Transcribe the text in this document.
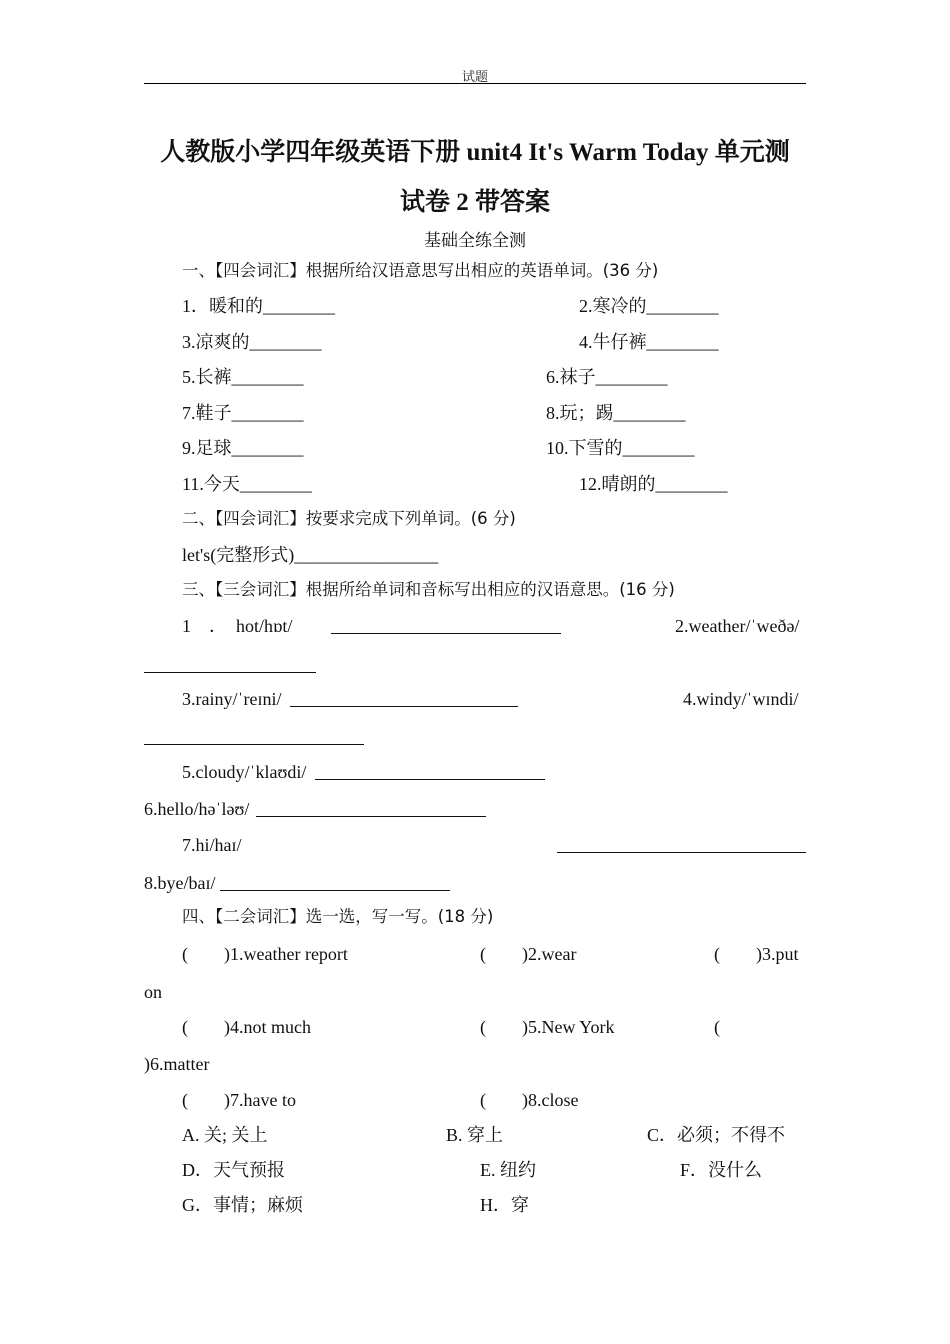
试题
人教版小学四年级英语下册 unit4 It's Warm Today 单元测
试卷 2 带答案
基础全练全测
一、【四会词汇】根据所给汉语意思写出相应的英语单词。(36 分)
1．暖和的________	2.寒冷的________
3.凉爽的________	4.牛仔裤________
5.长裤________	6.袜子________
7.鞋子________	8.玩；踢________
9.足球________	10.下雪的________
11.今天________	12.晴朗的________
二、【四会词汇】按要求完成下列单词。(6 分)
let's(完整形式)________________
三、【三会词汇】根据所给单词和音标写出相应的汉语意思。(16 分)
1　．　hot/hɒt/	2.weather/ˈweðə/
3.rainy/ˈreɪni/	4.windy/ˈwɪndi/
5.cloudy/ˈklaʊdi/
6.hello/həˈləʊ/
7.hi/haɪ/
8.bye/baɪ/
四、【二会词汇】选一选，写一写。(18 分)
(　　)1.weather report	(　　)2.wear	(　　)3.put
on
(　　)4.not much	(　　)5.New York	(
)6.matter
(　　)7.have to	(　　)8.close
A. 关; 关上	B. 穿上	C．必须；不得不
D．天气预报	E. 纽约	F．没什么
G．事情；麻烦	H．穿
